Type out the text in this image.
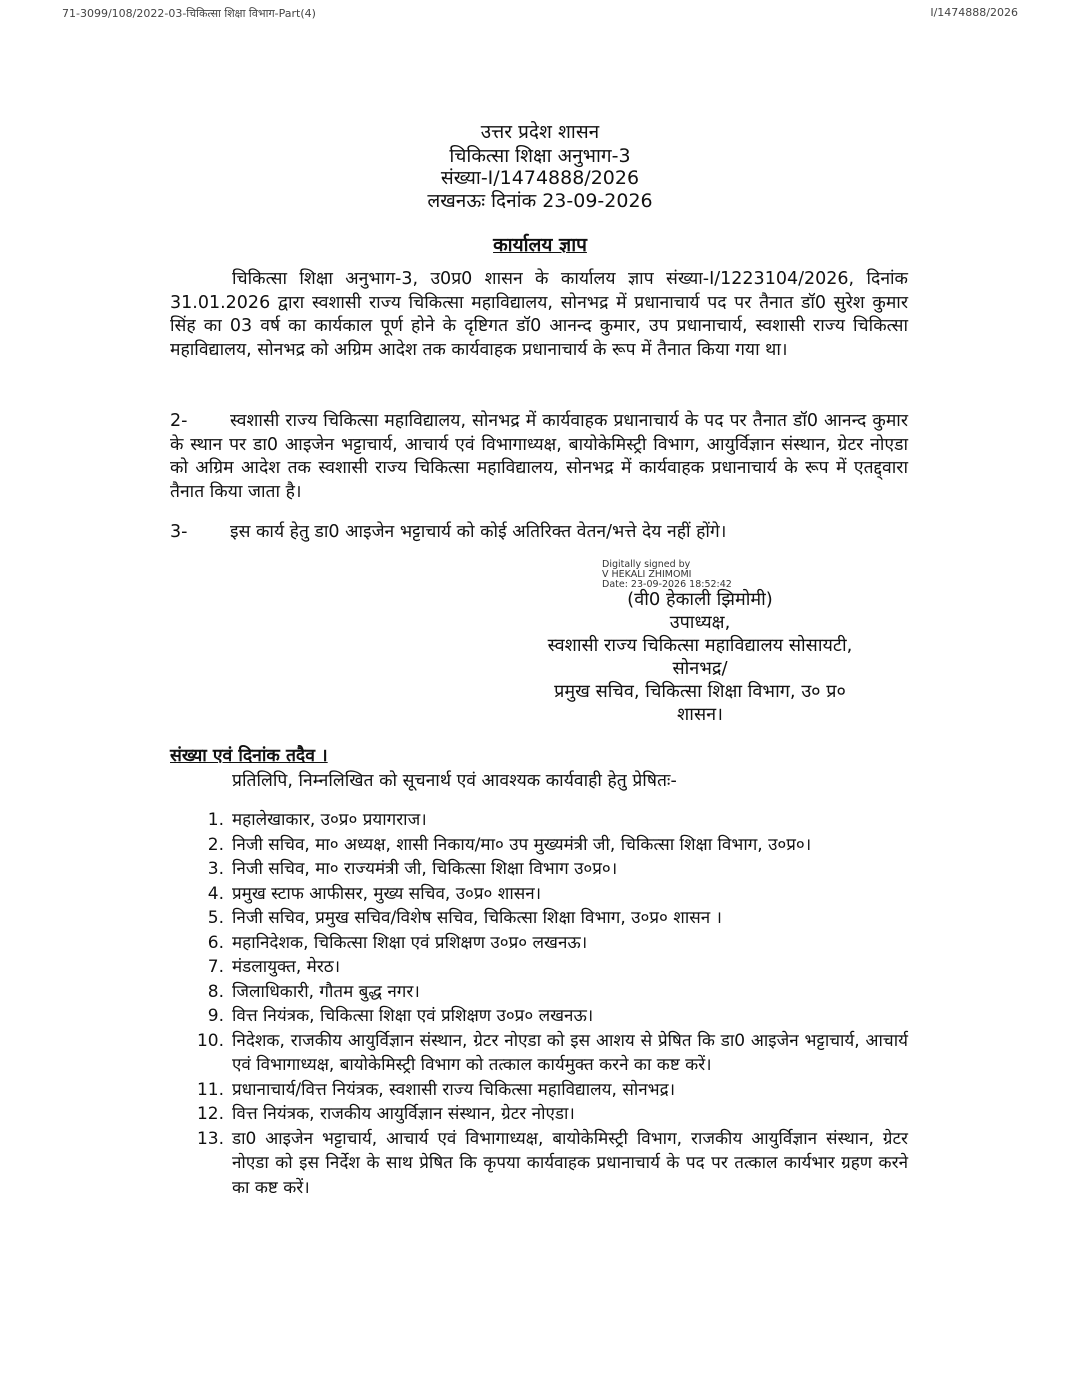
71-3099/108/2022-03-चिकित्सा शिक्षा विभाग-Part(4)	I/1474888/2026
उत्तर प्रदेश शासन
चिकित्सा शिक्षा अनुभाग-3
संख्या-I/1474888/2026
लखनऊः दिनांक 23-09-2026
कार्यालय ज्ञाप
चिकित्सा शिक्षा अनुभाग-3, उ0प्र0 शासन के कार्यालय ज्ञाप संख्या-I/1223104/2026, दिनांक 31.01.2026 द्वारा स्वशासी राज्य चिकित्सा महाविद्यालय, सोनभद्र में प्रधानाचार्य पद पर तैनात डॉ0 सुरेश कुमार सिंह का 03 वर्ष का कार्यकाल पूर्ण होने के दृष्टिगत डॉ0 आनन्द कुमार, उप प्रधानाचार्य, स्वशासी राज्य चिकित्सा महाविद्यालय, सोनभद्र को अग्रिम आदेश तक कार्यवाहक प्रधानाचार्य के रूप में तैनात किया गया था।
2- स्वशासी राज्य चिकित्सा महाविद्यालय, सोनभद्र में कार्यवाहक प्रधानाचार्य के पद पर तैनात डॉ0 आनन्द कुमार के स्थान पर डा0 आइजेन भट्टाचार्य, आचार्य एवं विभागाध्यक्ष, बायोकेमिस्ट्री विभाग, आयुर्विज्ञान संस्थान, ग्रेटर नोएडा को अग्रिम आदेश तक स्वशासी राज्य चिकित्सा महाविद्यालय, सोनभद्र में कार्यवाहक प्रधानाचार्य के रूप में एतद्द्वारा तैनात किया जाता है।
3- इस कार्य हेतु डा0 आइजेन भट्टाचार्य को कोई अतिरिक्त वेतन/भत्ते देय नहीं होंगे।
Digitally signed by
V HEKALI ZHIMOMI
Date: 23-09-2026 18:52:42
(वी0 हेकाली झिमोमी)
उपाध्यक्ष,
स्वशासी राज्य चिकित्सा महाविद्यालय सोसायटी,
सोनभद्र/
प्रमुख सचिव, चिकित्सा शिक्षा विभाग, उ० प्र०
शासन।
संख्या एवं दिनांक तदैव ।
प्रतिलिपि, निम्नलिखित को सूचनार्थ एवं आवश्यक कार्यवाही हेतु प्रेषितः-
1. महालेखाकार, उ०प्र० प्रयागराज।
2. निजी सचिव, मा० अध्यक्ष, शासी निकाय/मा० उप मुख्यमंत्री जी, चिकित्सा शिक्षा विभाग, उ०प्र०।
3. निजी सचिव, मा० राज्यमंत्री जी, चिकित्सा शिक्षा विभाग उ०प्र०।
4. प्रमुख स्टाफ आफीसर, मुख्य सचिव, उ०प्र० शासन।
5. निजी सचिव, प्रमुख सचिव/विशेष सचिव, चिकित्सा शिक्षा विभाग, उ०प्र० शासन ।
6. महानिदेशक, चिकित्सा शिक्षा एवं प्रशिक्षण उ०प्र० लखनऊ।
7. मंडलायुक्त, मेरठ।
8. जिलाधिकारी, गौतम बुद्ध नगर।
9. वित्त नियंत्रक, चिकित्सा शिक्षा एवं प्रशिक्षण उ०प्र० लखनऊ।
10. निदेशक, राजकीय आयुर्विज्ञान संस्थान, ग्रेटर नोएडा को इस आशय से प्रेषित कि डा0 आइजेन भट्टाचार्य, आचार्य एवं विभागाध्यक्ष, बायोकेमिस्ट्री विभाग को तत्काल कार्यमुक्त करने का कष्ट करें।
11. प्रधानाचार्य/वित्त नियंत्रक, स्वशासी राज्य चिकित्सा महाविद्यालय, सोनभद्र।
12. वित्त नियंत्रक, राजकीय आयुर्विज्ञान संस्थान, ग्रेटर नोएडा।
13. डा0 आइजेन भट्टाचार्य, आचार्य एवं विभागाध्यक्ष, बायोकेमिस्ट्री विभाग, राजकीय आयुर्विज्ञान संस्थान, ग्रेटर नोएडा को इस निर्देश के साथ प्रेषित कि कृपया कार्यवाहक प्रधानाचार्य के पद पर तत्काल कार्यभार ग्रहण करने का कष्ट करें।
